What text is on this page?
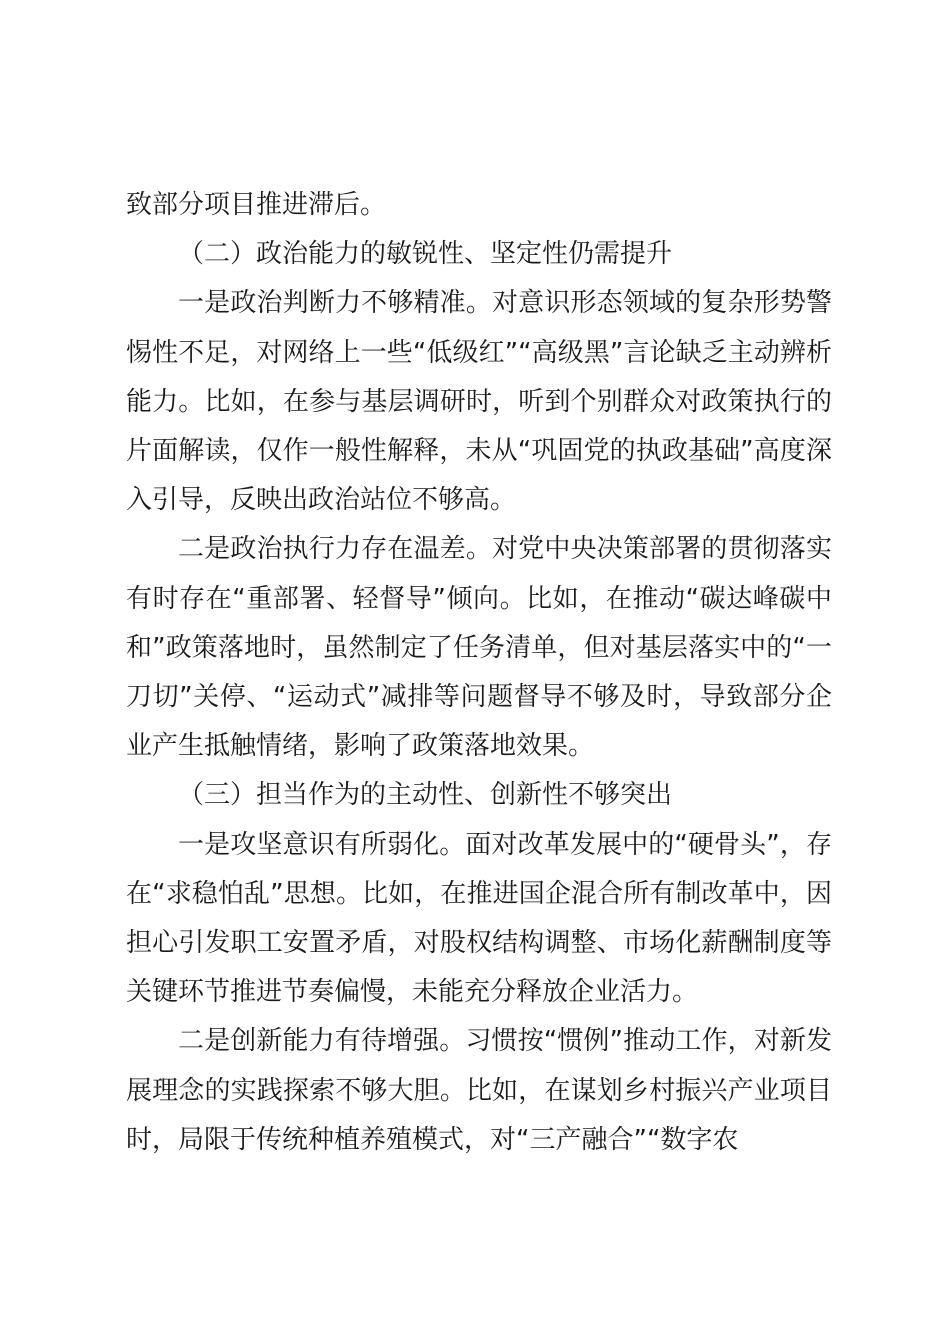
致部分项目推进滞后。

（二）政治能力的敏锐性、坚定性仍需提升

一是政治判断力不够精准。对意识形态领域的复杂形势警惕性不足，对网络上一些“低级红”“高级黑”言论缺乏主动辨析能力。比如，在参与基层调研时，听到个别群众对政策执行的片面解读，仅作一般性解释，未从“巩固党的执政基础”高度深入引导，反映出政治站位不够高。

二是政治执行力存在温差。对党中央决策部署的贯彻落实有时存在“重部署、轻督导”倾向。比如，在推动“碳达峰碳中和”政策落地时，虽然制定了任务清单，但对基层落实中的“一刀切”关停、“运动式”减排等问题督导不够及时，导致部分企业产生抵触情绪，影响了政策落地效果。

（三）担当作为的主动性、创新性不够突出

一是攻坚意识有所弱化。面对改革发展中的“硬骨头”，存在“求稳怕乱”思想。比如，在推进国企混合所有制改革中，因担心引发职工安置矛盾，对股权结构调整、市场化薪酬制度等关键环节推进节奏偏慢，未能充分释放企业活力。

二是创新能力有待增强。习惯按“惯例”推动工作，对新发展理念的实践探索不够大胆。比如，在谋划乡村振兴产业项目时，局限于传统种植养殖模式，对“三产融合”“数字农
